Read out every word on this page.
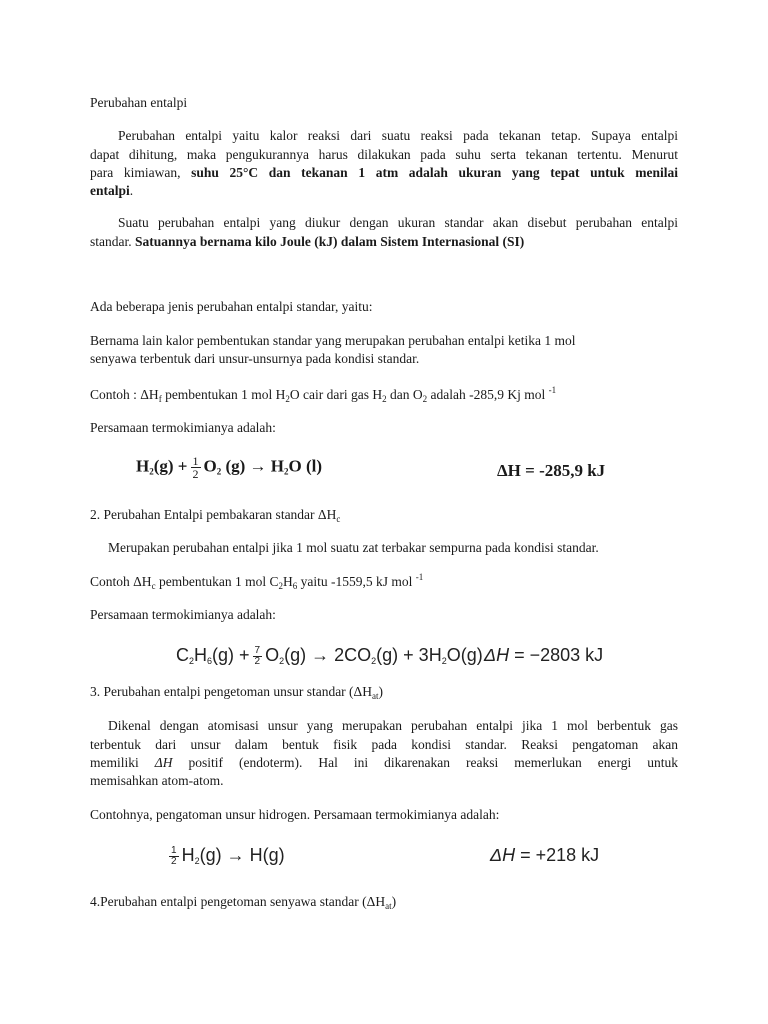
Perubahan entalpi
Perubahan entalpi yaitu kalor reaksi dari suatu reaksi pada tekanan tetap. Supaya entalpi
dapat dihitung, maka pengukurannya harus dilakukan pada suhu serta tekanan tertentu. Menurut
para kimiawan, suhu 25°C dan tekanan 1 atm adalah ukuran yang tepat untuk menilai
entalpi.
Suatu perubahan entalpi yang diukur dengan ukuran standar akan disebut perubahan entalpi
standar. Satuannya bernama kilo Joule (kJ) dalam Sistem Internasional (SI)
Ada beberapa jenis perubahan entalpi standar, yaitu:
Bernama lain kalor pembentukan standar yang merupakan perubahan entalpi ketika 1 mol
senyawa terbentuk dari unsur-unsurnya pada kondisi standar.
Contoh : $\Delta H_f$ pembentukan 1 mol $H_2O$ cair dari gas $H_2$ dan $O_2$ adalah -285,9 Kj mol $^{-1}$
Persamaan termokimianya adalah:
$H_2(g) + \frac{1}{2} O_2$ $(g) \to H_2O$ (l)	ΔH = -285,9 kJ
2. Perubahan Entalpi pembakaran standar $\Delta H_c$
Merupakan perubahan entalpi jika 1 mol suatu zat terbakar sempurna pada kondisi standar.
Contoh $\Delta H_c$ pembentukan 1 mol $C_2H_6$ yaitu -1559,5 kJ mol $^{-1}$
Persamaan termokimianya adalah:
$C_2H_6(g) + \frac{7}{2} O_2(g) \to 2CO_2(g) + 3H_2O(g) \Delta H = -2803$ kJ
3. Perubahan entalpi pengetoman unsur standar $(\Delta H_{at})$
Dikenal dengan atomisasi unsur yang merupakan perubahan entalpi jika 1 mol berbentuk gas
terbentuk dari unsur dalam bentuk fisik pada kondisi standar. Reaksi pengatoman akan
memiliki ΔH positif (endoterm). Hal ini dikarenakan reaksi memerlukan energi untuk
memisahkan atom-atom.
Contohnya, pengatoman unsur hidrogen. Persamaan termokimianya adalah:
$\frac{1}{2} H_2(g) \to H(g)$	ΔH = +218 kJ
4.Perubahan entalpi pengetoman senyawa standar $(\Delta H_{at})$
